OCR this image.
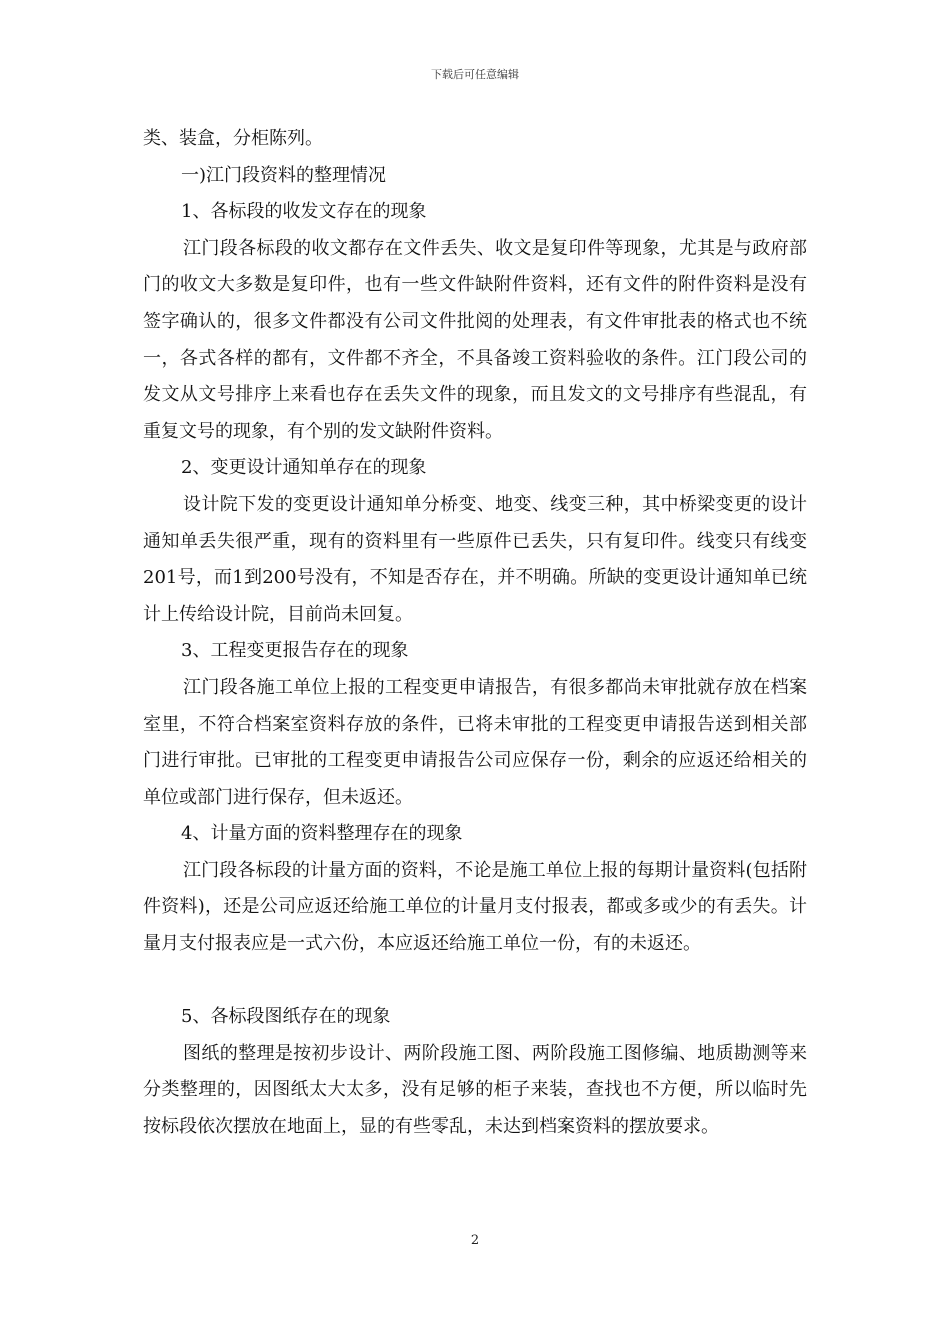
下载后可任意编辑

类、装盒，分柜陈列。

一)江门段资料的整理情况

1、各标段的收发文存在的现象

江门段各标段的收文都存在文件丢失、收文是复印件等现象，尤其是与政府部门的收文大多数是复印件，也有一些文件缺附件资料，还有文件的附件资料是没有签字确认的，很多文件都没有公司文件批阅的处理表，有文件审批表的格式也不统一，各式各样的都有，文件都不齐全，不具备竣工资料验收的条件。江门段公司的发文从文号排序上来看也存在丢失文件的现象，而且发文的文号排序有些混乱，有重复文号的现象，有个别的发文缺附件资料。

2、变更设计通知单存在的现象

设计院下发的变更设计通知单分桥变、地变、线变三种，其中桥梁变更的设计通知单丢失很严重，现有的资料里有一些原件已丢失，只有复印件。线变只有线变201号，而1到200号没有，不知是否存在，并不明确。所缺的变更设计通知单已统计上传给设计院，目前尚未回复。

3、工程变更报告存在的现象

江门段各施工单位上报的工程变更申请报告，有很多都尚未审批就存放在档案室里，不符合档案室资料存放的条件，已将未审批的工程变更申请报告送到相关部门进行审批。已审批的工程变更申请报告公司应保存一份，剩余的应返还给相关的单位或部门进行保存，但未返还。

4、计量方面的资料整理存在的现象

江门段各标段的计量方面的资料，不论是施工单位上报的每期计量资料(包括附件资料)，还是公司应返还给施工单位的计量月支付报表，都或多或少的有丢失。计量月支付报表应是一式六份，本应返还给施工单位一份，有的未返还。

5、各标段图纸存在的现象

图纸的整理是按初步设计、两阶段施工图、两阶段施工图修编、地质勘测等来分类整理的，因图纸太大太多，没有足够的柜子来装，查找也不方便，所以临时先按标段依次摆放在地面上，显的有些零乱，未达到档案资料的摆放要求。

2
